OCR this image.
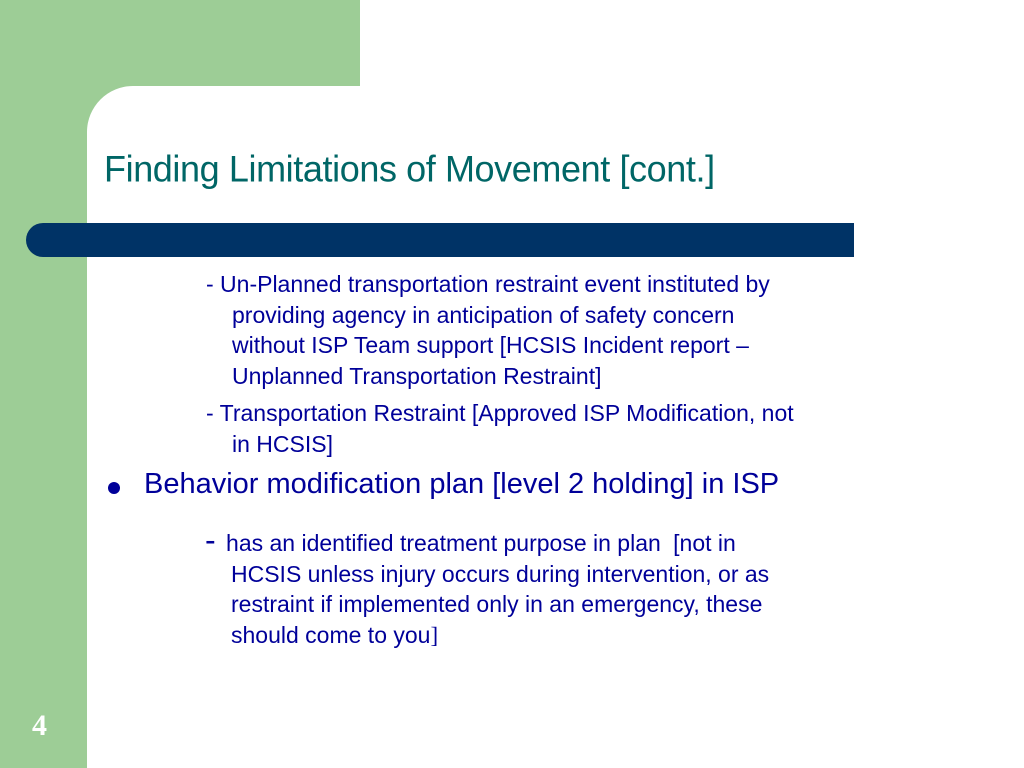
Finding Limitations of Movement [cont.]
- Un-Planned transportation restraint event instituted by
providing agency in anticipation of safety concern
without ISP Team support [HCSIS Incident report –
Unplanned Transportation Restraint]
- Transportation Restraint [Approved ISP Modification, not
in HCSIS]
Behavior modification plan [level 2 holding] in ISP
- has an identified treatment purpose in plan [not in
HCSIS unless injury occurs during intervention, or as
restraint if implemented only in an emergency, these
should come to you]
4
